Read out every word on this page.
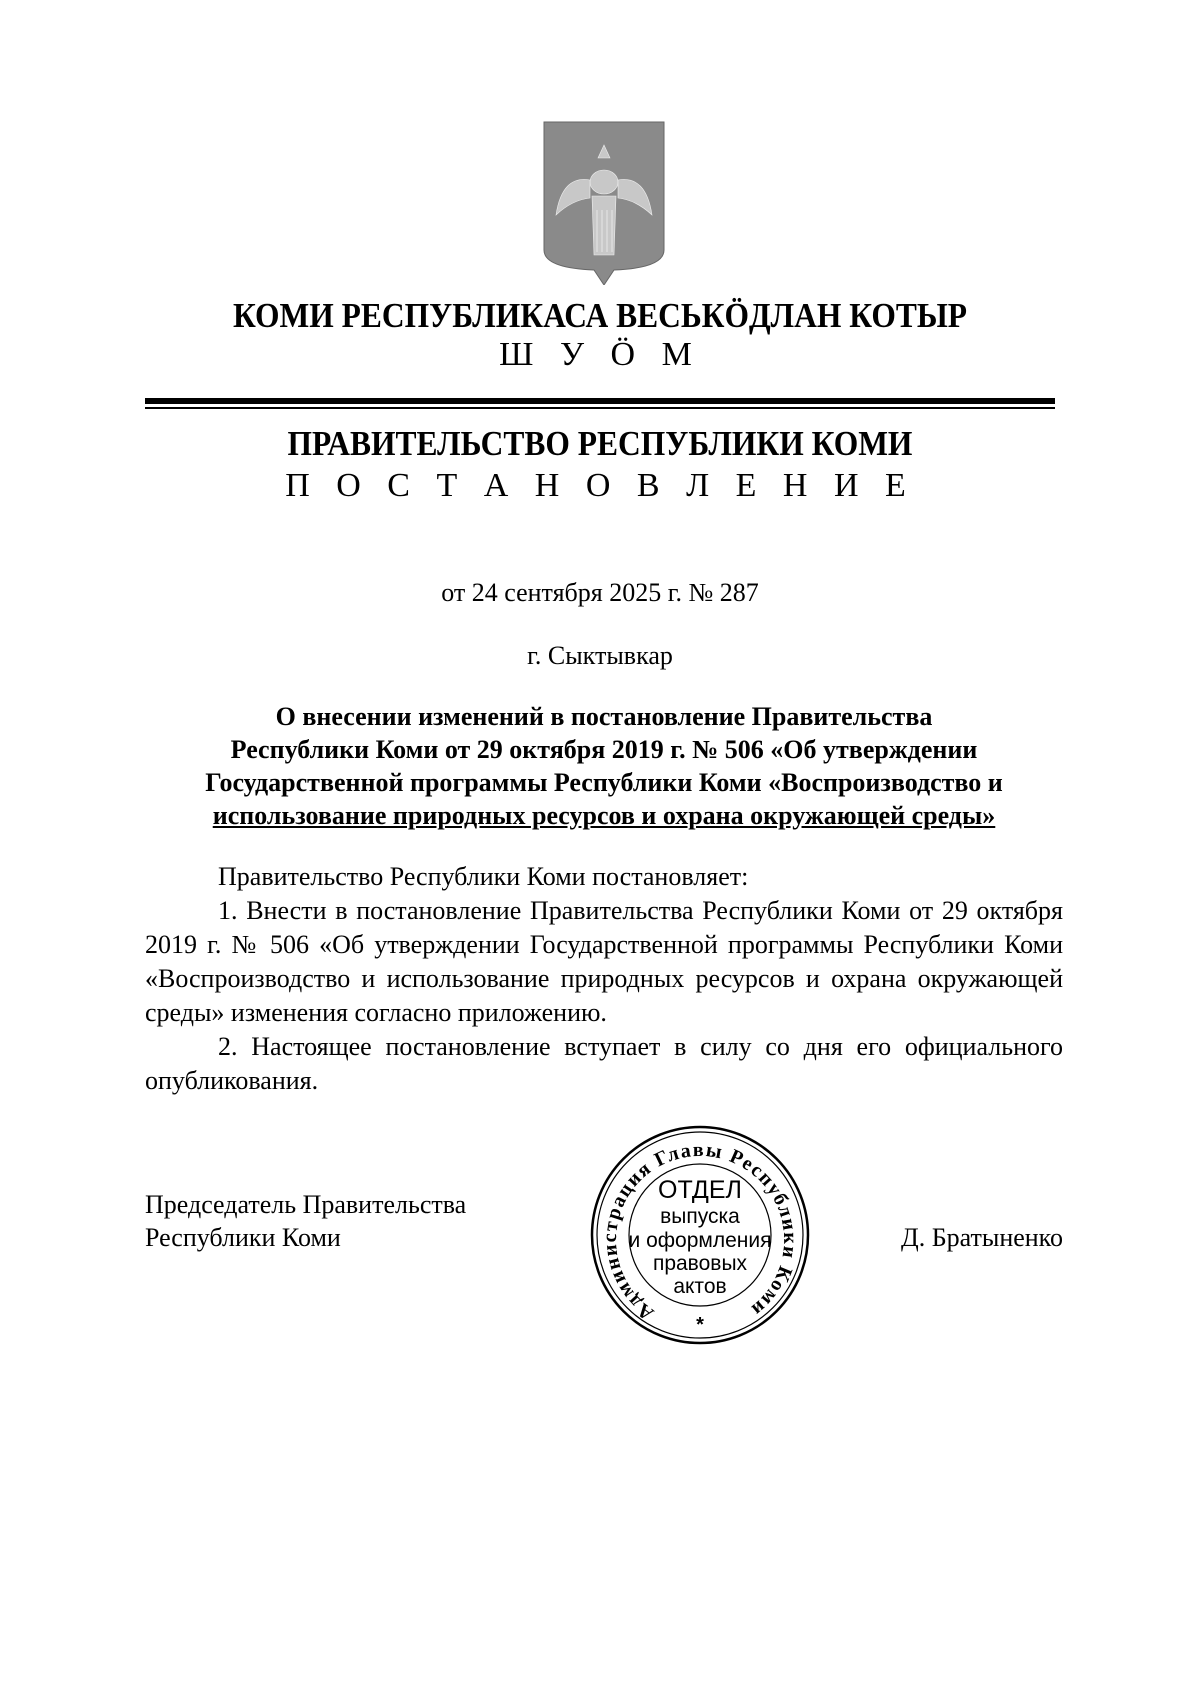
КОМИ РЕСПУБЛИКАСА ВЕСЬКÖДЛАН КОТЫР
Ш У Ö М
ПРАВИТЕЛЬСТВО РЕСПУБЛИКИ КОМИ
П О С Т А Н О В Л Е Н И Е
от 24 сентября 2025 г. № 287
г. Сыктывкар
О внесении изменений в постановление Правительства
Республики Коми от 29 октября 2019 г. № 506 «Об утверждении
Государственной программы Республики Коми «Воспроизводство и
использование природных ресурсов и охрана окружающей среды»

Правительство Республики Коми постановляет:

1. Внести в постановление Правительства Республики Коми от 29 октября 2019 г. № 506 «Об утверждении Государственной программы Республики Коми «Воспроизводство и использование природных ресурсов и охрана окружающей среды» изменения согласно приложению.

2. Настоящее постановление вступает в силу со дня его официального опубликования.

Председатель Правительства
Республики Коми	Д. Братыненко
Администрация Главы Республики Коми
ОТДЕЛ
выпуска
и оформления
правовых
актов
*
